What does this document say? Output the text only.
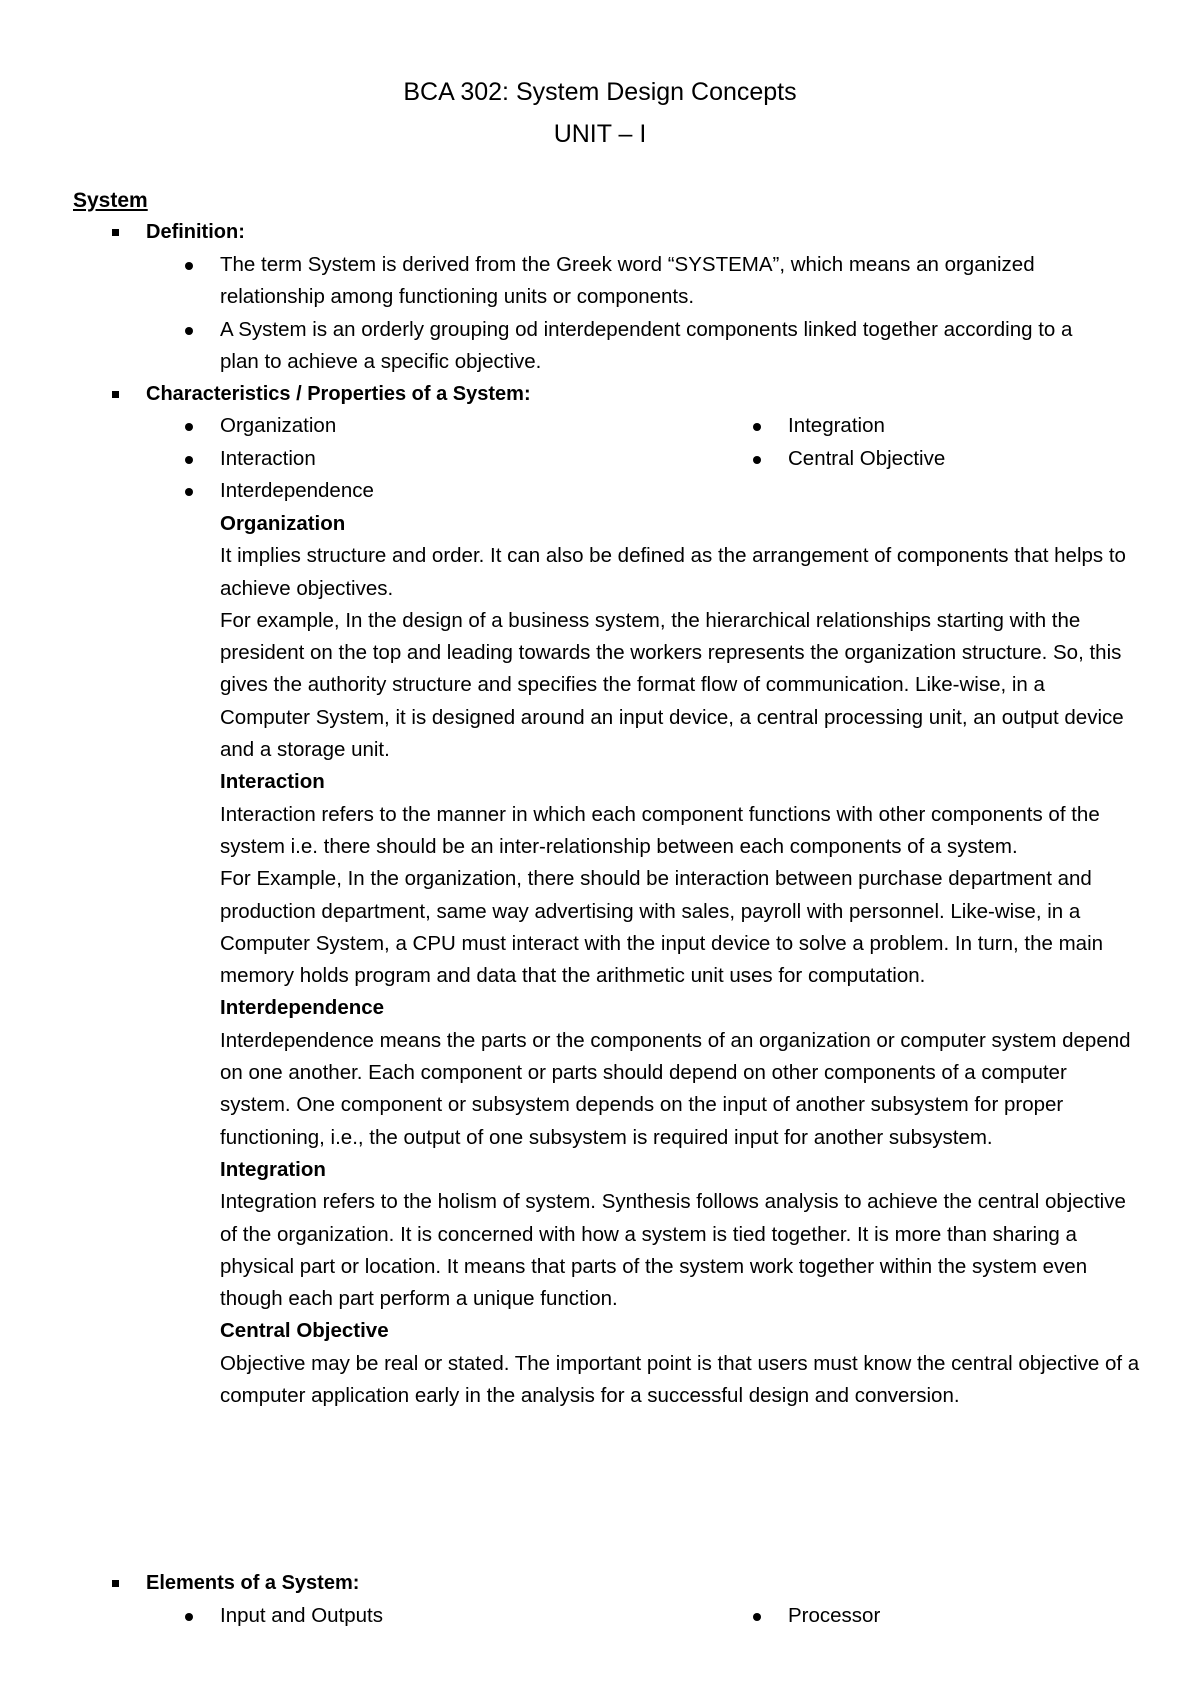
BCA 302: System Design Concepts
UNIT – I
System
Definition:

The term System is derived from the Greek word “SYSTEMA”, which means an organized relationship among functioning units or components.

A System is an orderly grouping od interdependent components linked together according to a plan to achieve a specific objective.

Characteristics / Properties of a System:
Organization
Interaction
Interdependence
Integration
Central Objective

Organization

It implies structure and order. It can also be defined as the arrangement of components that helps to achieve objectives.

For example, In the design of a business system, the hierarchical relationships starting with the president on the top and leading towards the workers represents the organization structure. So, this gives the authority structure and specifies the format flow of communication. Like-wise, in a Computer System, it is designed around an input device, a central processing unit, an output device and a storage unit.

Interaction

Interaction refers to the manner in which each component functions with other components of the system i.e. there should be an inter-relationship between each components of a system.

For Example, In the organization, there should be interaction between purchase department and production department, same way advertising with sales, payroll with personnel. Like-wise, in a Computer System, a CPU must interact with the input device to solve a problem. In turn, the main memory holds program and data that the arithmetic unit uses for computation.

Interdependence

Interdependence means the parts or the components of an organization or computer system depend on one another. Each component or parts should depend on other components of a computer system. One component or subsystem depends on the input of another subsystem for proper functioning, i.e., the output of one subsystem is required input for another subsystem.

Integration

Integration refers to the holism of system. Synthesis follows analysis to achieve the central objective of the organization. It is concerned with how a system is tied together. It is more than sharing a physical part or location. It means that parts of the system work together within the system even though each part perform a unique function.

Central Objective

Objective may be real or stated. The important point is that users must know the central objective of a computer application early in the analysis for a successful design and conversion.

Elements of a System:
Input and Outputs	Processor
